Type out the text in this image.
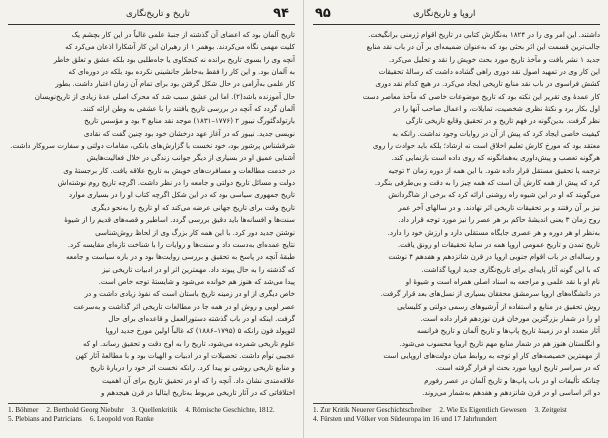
تاریخ و تاریخ‌نگاری	۹۴

تاریخ آلمان بود که اعضای آن گذشته از جنبهٔ علمی غالباً در این کار بچشم یک

کلیت مهمی نگاه می‌کردند. بوهمر ۱ از رهبران این کار آشکارا اذعان می‌کرد که

آنچه وی را بسوی تاریخ برانده نه کنجکاوی یا جاه‌طلبی بود بلکه عشق و تعلق خاطر

به آلمان بود. و این کار را فقط به‌خاطر جانشینی نکرده بود بلکه در دوره‌ای که

کار علمی به‌آرامی در حال شکل گرفتن بود برای تمام آن زمان اعتبار داشت. بطور

حال آموزنده باشد(۲). اما این عشق سبب شد که محرک اصلی عدهٔ زیادی از تاریخ‌نویسان

آلمان گردد که آنچه در بررسی تاریخ یافتند را با عشقی به وطن ارائه کنند.

بارتولدگئورگ نیبور ۲ (۱۷۷۶–۱۸۳۱) موجد نقد منابع ۳ بود و مؤسس تاریخ

نویسی جدید. نیبور که در آغاز عهد درخشان خود بود چنین گفت که نقادی

شرقشناس پرشور بود، خود نخست با گزارش‌های بانکی، مقامات دولتی و سفارت سروکار داشت.

آشنایی عمیق او در بسیاری از دیگر جوانب زندگی در خلال فعالیت‌هایش

در خدمت مطالعات و مسافرت‌های خویش به تاریخ علاقه یافت. کار برجستهٔ وی

دولت و مسائل تاریخ دولتی و جامعه را در نظر داشت. اگرچه تاریخ روم نوشته‌اش

تاریخ جمهوری سیاسی بود که در این شکل اگرچه کتاب او را در بسیاری موارد

تاریخ وقت برای تاریخ جهانی عرضه می‌کند که او تاریخ را به‌نحو دیگری

سنت‌ها و افسانه‌ها باید دقیق بررسی گردد. اساطیر و قصه‌های قدیم را از شیوهٔ

نوشتن جدید دور کرد. با این همه کار بزرگ وی از لحاظ روش‌شناسی

نتایج عمده‌ای به‌دست داد و سنت‌ها و روایات را با شناخت تازه‌ای مقایسه کرد.

طبقهٔ آنچه در پاسخ به تحقیق و بررسی روایت‌ها بود و در باره سیاست و جامعه

که گذشته را به حال پیوند داد. مهمترین اثر او در ادبیات تاریخی نیز

پیدا می‌شد که هنوز هم خوانده می‌شود و شایستهٔ توجه خاص است.

خاص دیگری از او در زمینه تاریخ باستان است که نفوذ زیادی داشت و در

عصر لویی و روش او در همه جا در مطالعات تاریخی اثر گذاشت و به‌سرعت

گرفت. اینکه او در باب گذشته دستورالعمل و قاعده‌ای برای حال

لئوپولد فون رانکه ۵ (۱۷۹۵–۱۸۸۶) که غالباً اولین مورخ جدید اروپا

علوم تاریخی شمرده می‌شود، تاریخ را به اوج دقت و تحقیق رساند. او که

عجیبی توأم داشت. تحصیلات او در ادبیات و الهیات بود و با مطالعهٔ آثار کهن

و منابع تاریخی روشی نو پیدا کرد. رانکه نخست اثر خود را دربارهٔ تاریخ

علاقه‌مندی نشان داد. آنچه را که او در تحقیق تاریخ برای آن اهمیت

اختلافاتی که در آثار تاریخی مربوط به‌تاریخ ایتالیا در قرن هیجدهم و

1. Böhmer	2. Berthold Georg Niebuhr	3. Quellenkritik	4. Römische Geschichte, 1812.
5. Plebians and Patricians	6. Leopold von Ranke
۹۵	اروپا و تاریخ‌نگاری

داشتند. این امر وی را در ۱۸۲۴ به‌نگارش کتابی در تاریخ اقوام ژرمنی برانگیخت.

جالب‌ترین قسمت این اثر بحثی بود که به‌عنوان ضمیمه‌ای بر آن در باب نقد منابع

جدید ۱ نشر یافت و مآخذ تاریخ مورد بحث خویش را نقد و تحلیل می‌کرد.

این کار وی در تمهید اصول نقد دوری راهی گشاده داشت که رسالهٔ تحقیقات

کشش فراسوی در باب نقد منابع تاریخی ایجاد می‌کرد. در هیچ کدام نقد دوری

کار عمدهٔ وی تقریر این نکته بود که تاریخ موضوعات خاصی که مآخذ معاصر دست

اول بکار برد و نکتهٔ نظری شخصیت، تمایلات، و اعمال صاحب آنها را در

نظر گرفت. بدین‌گونه در فهم تاریخ و در تحقیق وقایع تاریخی تازگی

کیفیت خاصی ایجاد کرد که پیش از آن در روایات وجود نداشت. رانکه به

معتقد بود که مورخ کارش تعلیم اخلاق است نه ارشاد؛ بلکه باید حوادث را روی

هرگونه تعصب و پیش‌داوری به‌همانگونه که روی داده است بازنمایی کند.

ترجمه یا تحقیق مستقل قرار داده شود. با این همه از دوره زمان ۲ توجیه

کرد که پیش از همه کارش آن است که همه چیز را به دقت و بی‌طرفی بنگرد.

می‌گویند که او در این شیوه راه روشنی ارائه کرد که برخی از شاگردانش

نیز بر آن رفتند و بر تحقیقات تاریخی اثر نهادند. و در سالهای آخر عمر

روح زمان ۳ یعنی اندیشهٔ حاکم بر هر عصر را نیز مورد توجه قرار داد.

به‌نظر او هر دوره و هر عصری جایگاه مستقلی دارد و ارزش خود را دارد.

تاریخ تمدن و تاریخ عمومی اروپا همه در سایهٔ تحقیقات او رونق یافت.

و رساله‌ای در باب اقوام جنوبی اروپا در قرن شانزدهم و هفدهم ۴ نوشت

که با این گونه آثار پایه‌ای برای تاریخ‌نگاری جدید اروپا گذاشت.

نام او با نقد علمی و مراجعه به اسناد اصلی همراه است و شیوهٔ او

در دانشگاه‌های اروپا سرمشق محققان بسیاری از نسل‌های بعد قرار گرفت.

روش تحقیق در منابع و استفاده از آرشیوهای رسمی دولتی و کلیسایی

او را در شمار بزرگترین مورخان قرن نوزدهم قرار داده است.

آثار متعدد او در زمینهٔ تاریخ پاپ‌ها و تاریخ آلمان و تاریخ فرانسه

و انگلستان هنوز هم در شمار منابع مهم تاریخ اروپا محسوب می‌شود.

از مهمترین خصیصه‌های کار او توجه به روابط میان دولت‌های اروپایی است

که در سراسر تاریخ اروپا مورد بحث او قرار گرفته است.

چنانکه تألیفات او در باب پاپ‌ها و تاریخ آلمان در عصر رفورم

دو اثر اساسی او در قرن شانزدهم و هفدهم به‌شمار می‌روند.

1. Zur Kritik Neuerer Geschichtschreiber	2. Wie Es Eigentlich Gewesen	3. Zeitgeist
4. Fürsten und Völker von Südeuropa im 16 und 17 Jahrhundert
